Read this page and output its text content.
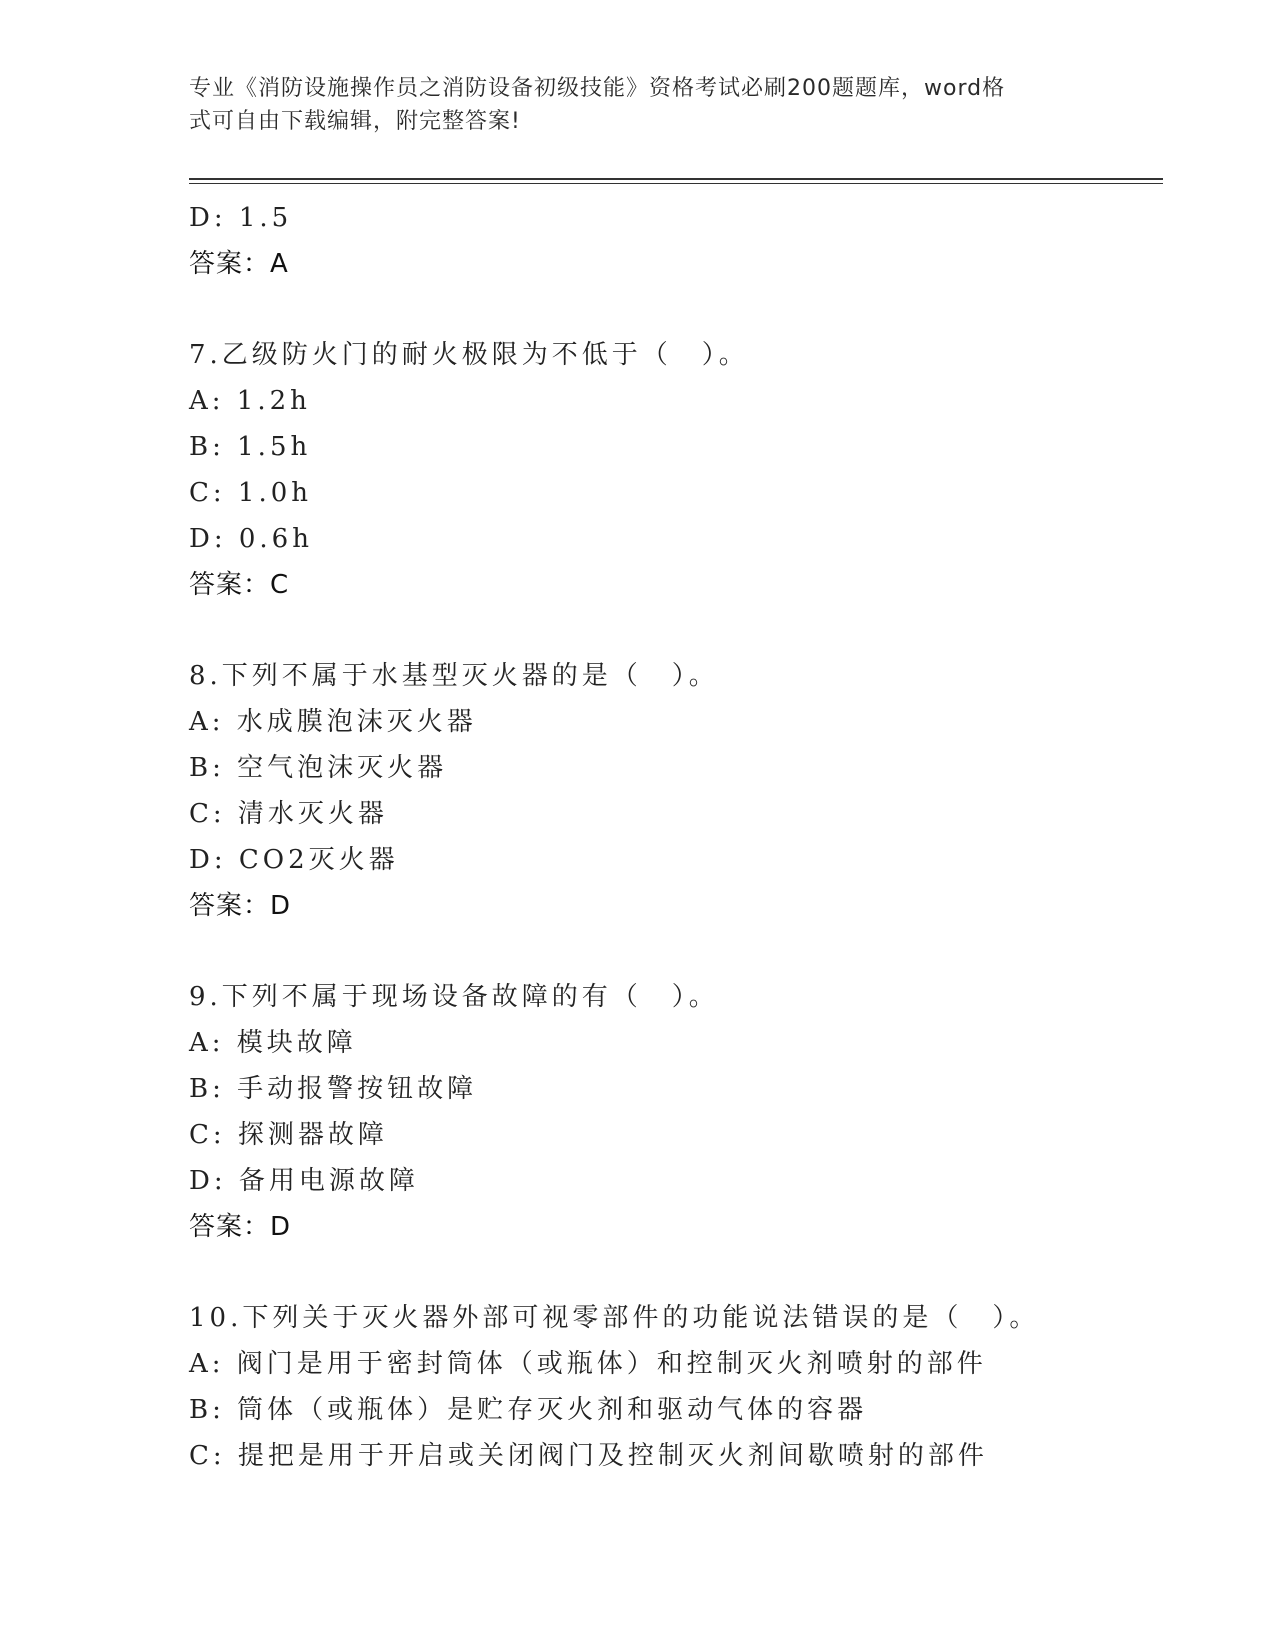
专业《消防设施操作员之消防设备初级技能》资格考试必刷200题题库，word格
式可自由下载编辑，附完整答案!
D: 1.5
答案：A
7.乙级防火门的耐火极限为不低于（　）。
A: 1.2h
B: 1.5h
C: 1.0h
D: 0.6h
答案：C
8.下列不属于水基型灭火器的是（　）。
A: 水成膜泡沫灭火器
B: 空气泡沫灭火器
C: 清水灭火器
D: CO2灭火器
答案：D
9.下列不属于现场设备故障的有（　）。
A: 模块故障
B: 手动报警按钮故障
C: 探测器故障
D: 备用电源故障
答案：D
10.下列关于灭火器外部可视零部件的功能说法错误的是（　）。
A: 阀门是用于密封筒体（或瓶体）和控制灭火剂喷射的部件
B: 筒体（或瓶体）是贮存灭火剂和驱动气体的容器
C: 提把是用于开启或关闭阀门及控制灭火剂间歇喷射的部件
